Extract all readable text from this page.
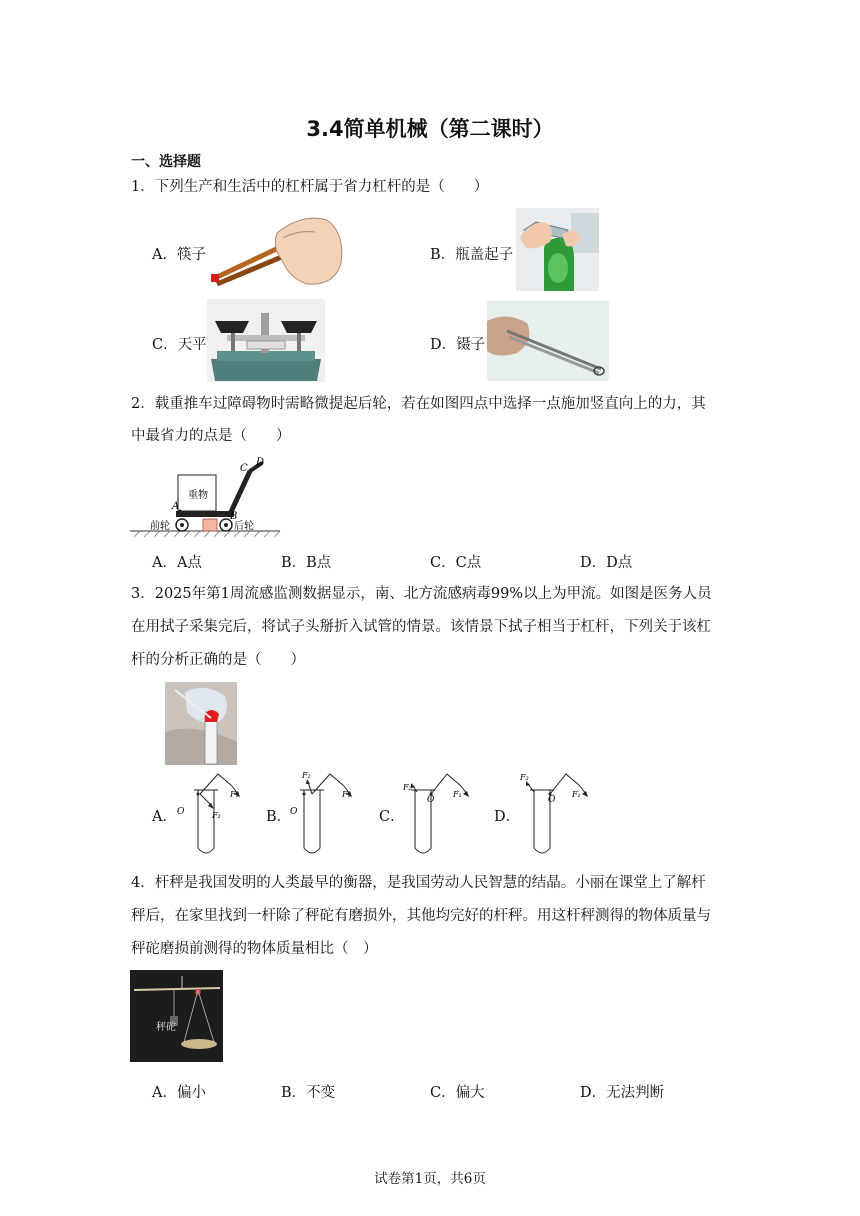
3.4简单机械（第二课时）
一、选择题
1．下列生产和生活中的杠杆属于省力杠杆的是（　　）
A．筷子	B．瓶盖起子
C．天平	D．镊子
2．载重推车过障碍物时需略微提起后轮，若在如图四点中选择一点施加竖直向上的力，其
中最省力的点是（　　）
重物
A
B
C
D
前轮	后轮
A．A点	B．B点	C．C点	D．D点
3．2025年第1周流感监测数据显示，南、北方流感病毒99%以上为甲流。如图是医务人员
在用拭子采集完后，将试子头掰折入试管的情景。该情景下拭子相当于杠杆，下列关于该杠
杆的分析正确的是（　　）
A． O
F₁
F₂	B．
O
F₁
F₂
C．
F₂
O
F₁
D．
F₂
O
F₁
4．杆秤是我国发明的人类最早的衡器，是我国劳动人民智慧的结晶。小丽在课堂上了解杆
秤后，在家里找到一杆除了秤砣有磨损外，其他均完好的杆秤。用这杆秤测得的物体质量与
秤砣磨损前测得的物体质量相比（　）
秤砣
A．偏小	B．不变	C．偏大	D．无法判断
试卷第1页，共6页
